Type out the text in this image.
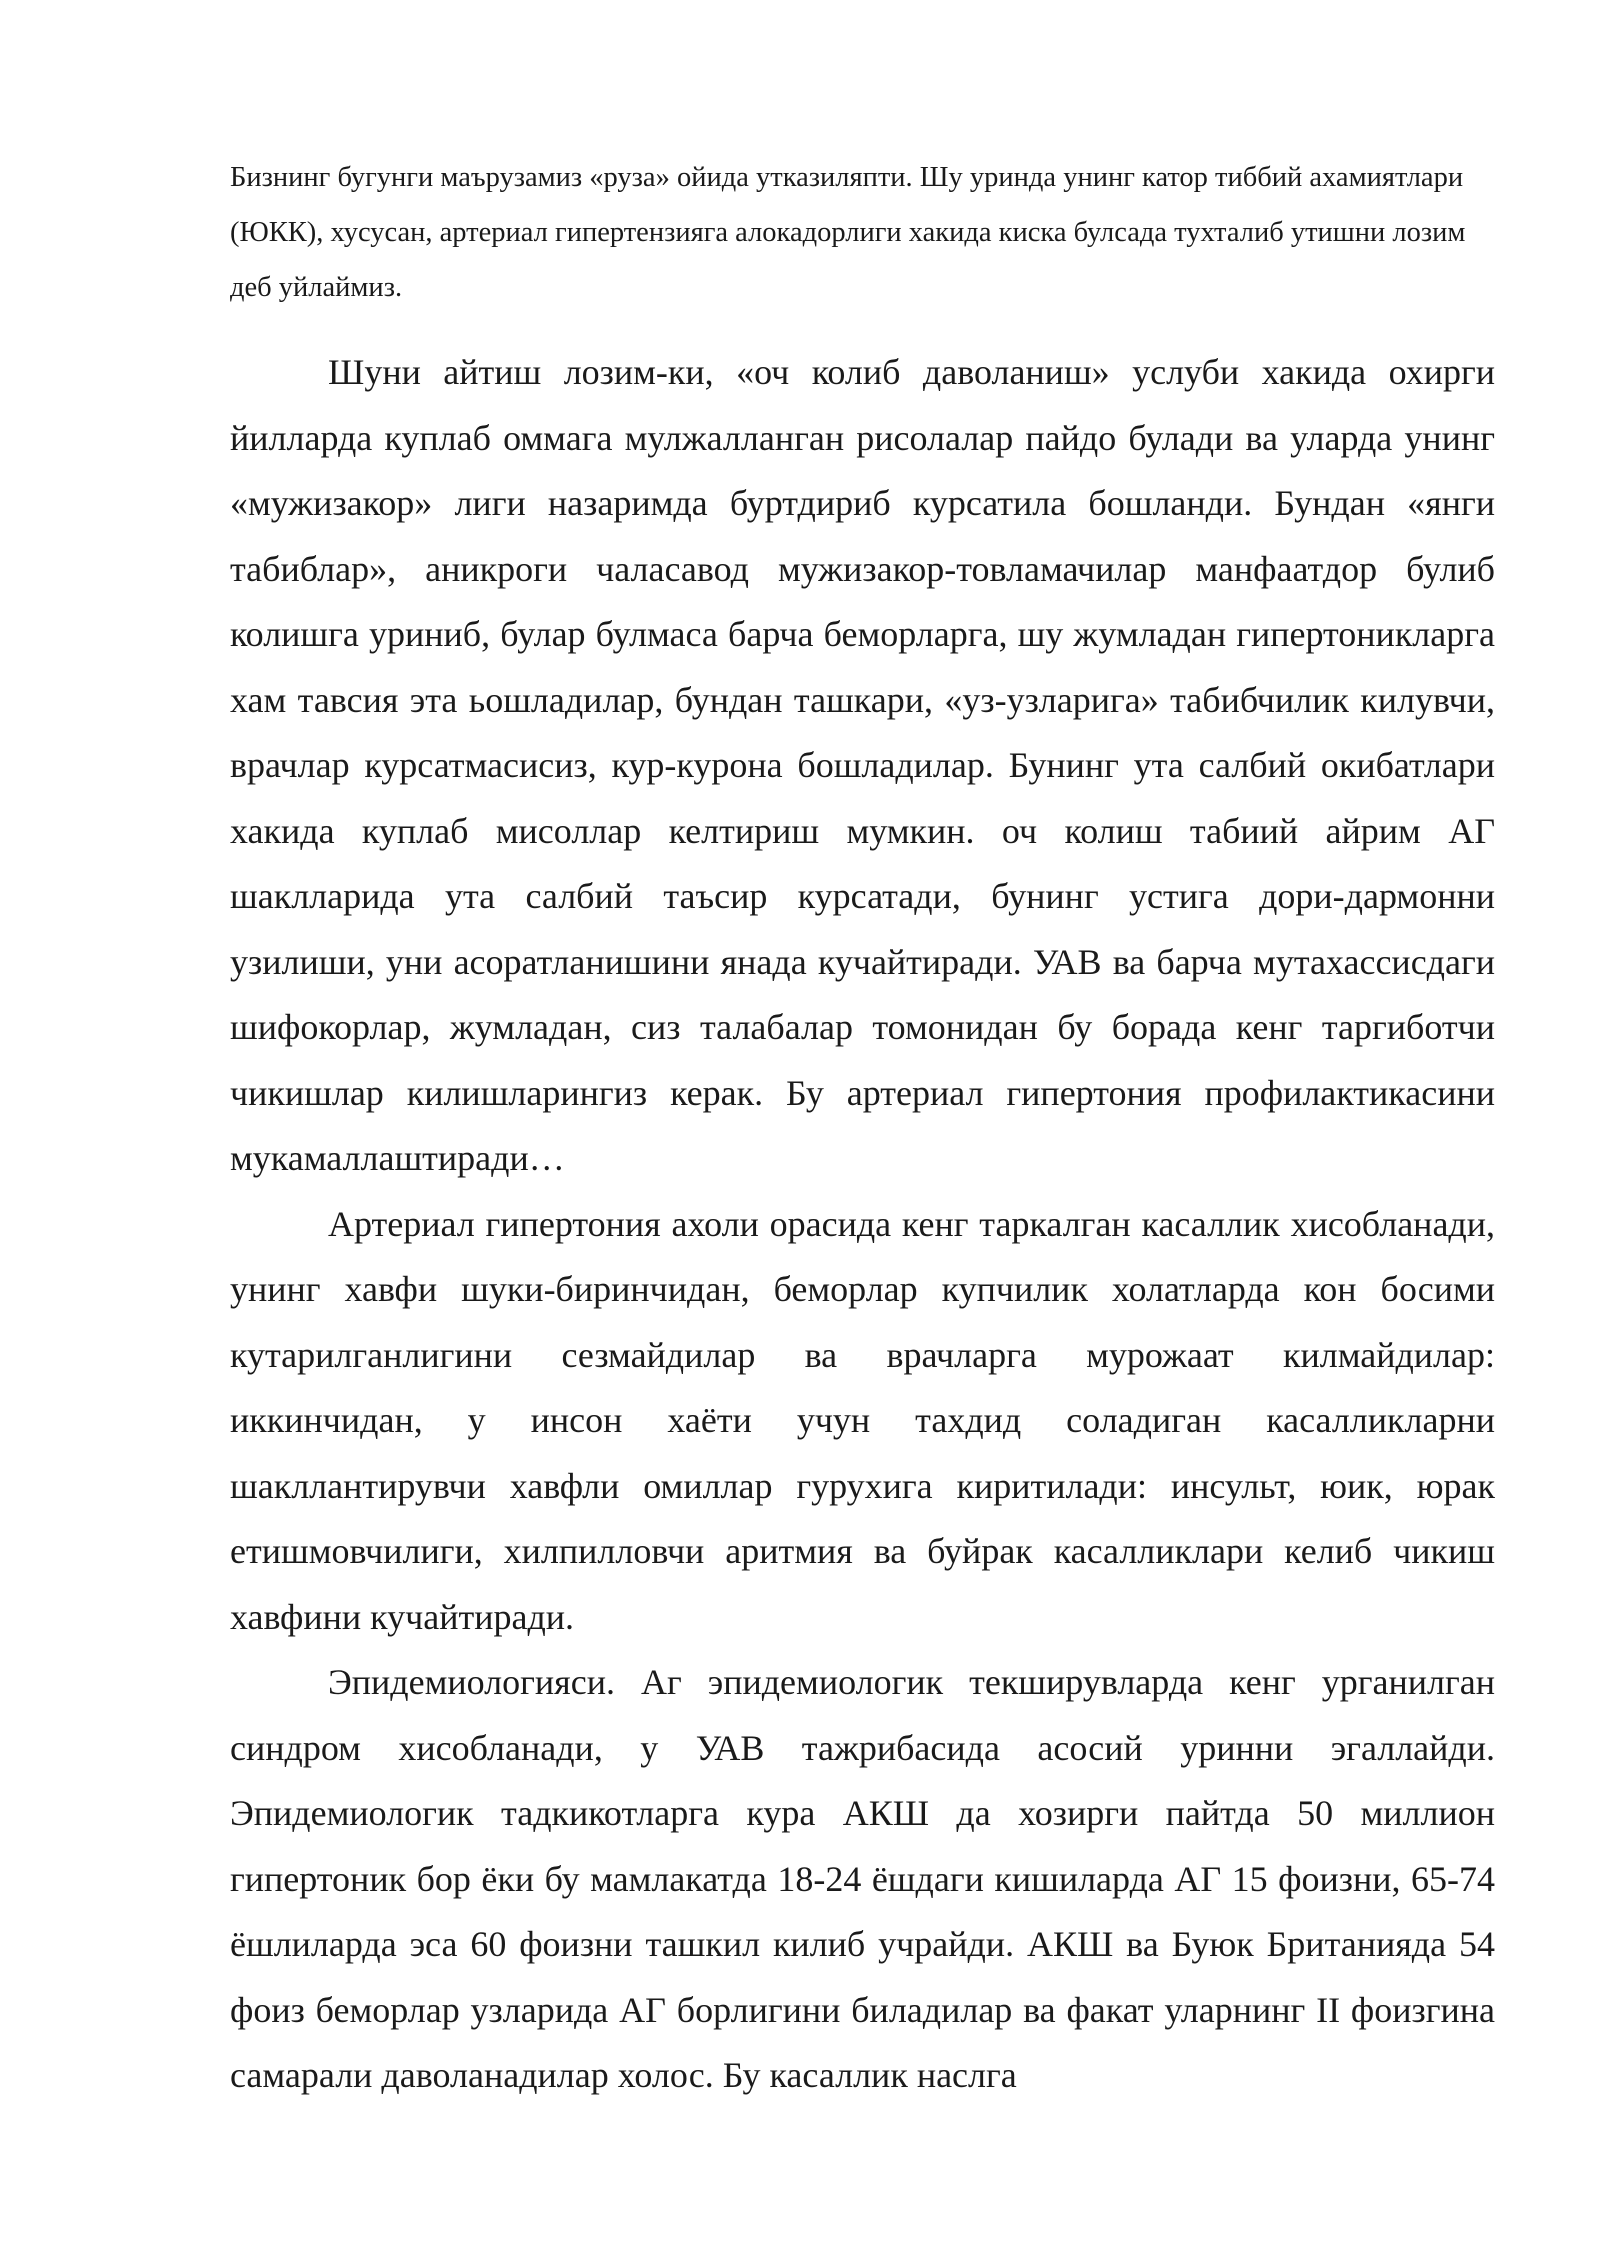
Бизнинг бугунги маърузамиз «руза» ойида утказиляпти. Шу уринда унинг катор тиббий ахамиятлари (ЮКК), хусусан, артериал гипертензияга алокадорлиги хакида киска булсада тухталиб утишни лозим деб уйлаймиз.

Шуни айтиш лозим-ки, «оч колиб даволаниш» услуби хакида охирги йилларда куплаб оммага мулжалланган рисолалар пайдо булади ва уларда унинг «мужизакор» лиги назаримда буртдириб курсатила бошланди. Бундан «янги табиблар», аникроги чаласавод мужизакор-товламачилар манфаатдор булиб колишга уриниб, булар булмаса барча беморларга, шу жумладан гипертоникларга хам тавсия эта ьошладилар, бундан ташкари, «уз-узларига» табибчилик килувчи, врачлар курсатмасисиз, кур-курона бошладилар. Бунинг ута салбий окибатлари хакида куплаб мисоллар келтириш мумкин. оч колиш табиий айрим АГ шаклларида ута салбий таъсир курсатади, бунинг устига дори-дармонни узилиши, уни асоратланишини янада кучайтиради. УАВ ва барча мутахассисдаги шифокорлар, жумладан, сиз талабалар томонидан бу борада кенг таргиботчи чикишлар килишларингиз керак. Бу артериал гипертония профилактикасини мукамаллаштиради…

Артериал гипертония ахоли орасида кенг таркалган касаллик хисобланади, унинг хавфи шуки-биринчидан, беморлар купчилик холатларда кон босими кутарилганлигини сезмайдилар ва врачларга мурожаат килмайдилар: иккинчидан, у инсон хаёти учун тахдид соладиган касалликларни шакллантирувчи хавфли омиллар гурухига киритилади: инсульт, юик, юрак етишмовчилиги, хилпилловчи аритмия ва буйрак касалликлари келиб чикиш хавфини кучайтиради.

Эпидемиологияси. Аг эпидемиологик текширувларда кенг урганилган синдром хисобланади, у УАВ тажрибасида асосий уринни эгаллайди. Эпидемиологик тадкикотларга кура АКШ да хозирги пайтда 50 миллион гипертоник бор ёки бу мамлакатда 18-24 ёшдаги кишиларда АГ 15 фоизни, 65-74 ёшлиларда эса 60 фоизни ташкил килиб учрайди. АКШ ва Буюк Британияда 54 фоиз беморлар узларида АГ борлигини биладилар ва факат уларнинг II фоизгина самарали даволанадилар холос. Бу касаллик наслга
